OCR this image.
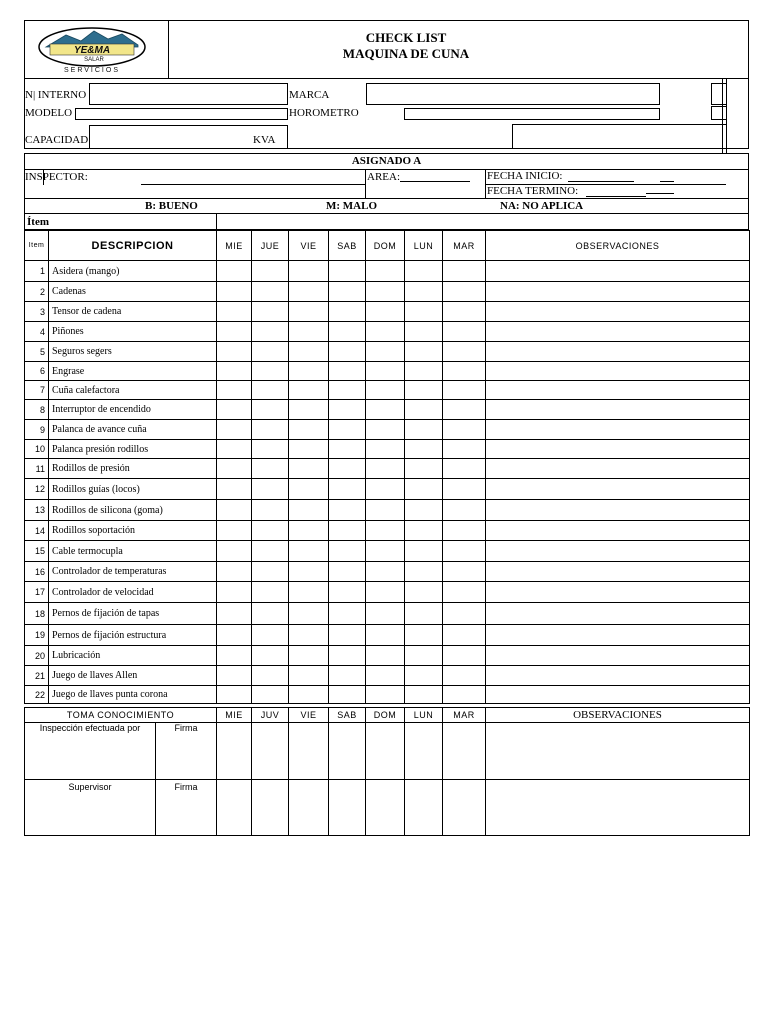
YE&MA
SALAR
SERVICIOS
CHECK LIST
MAQUINA DE CUNA
N| INTERNO	MARCA
MODELO	HOROMETRO
CAPACIDAD	KVA
ASIGNADO A
INSPECTOR:	AREA:	FECHA INICIO:
FECHA TERMINO:
B: BUENO	M: MALO	NA: NO APLICA
Ítem
Item	DESCRIPCION	MIE	JUE	VIE	SAB	DOM	LUN	MAR	OBSERVACIONES
1	Asidera (mango)								
2	Cadenas								
3	Tensor de cadena								
4	Piñones								
5	Seguros segers								
6	Engrase								
7	Cuña calefactora								
8	Interruptor de encendido								
9	Palanca de avance cuña								
10	Palanca presión rodillos								
11	Rodillos de presión								
12	Rodillos guías (locos)								
13	Rodillos de silicona (goma)								
14	Rodillos soportación								
15	Cable termocupla								
16	Controlador de temperaturas								
17	Controlador de velocidad								
18	Pernos de fijación de tapas								
19	Pernos de fijación estructura								
20	Lubricación								
21	Juego de llaves Allen								
22	Juego de llaves punta corona								
TOMA CONOCIMIENTO		MIE	JUV	VIE	SAB	DOM	LUN	MAR	OBSERVACIONES
Inspección efectuada por	Firma								
Supervisor	Firma								
